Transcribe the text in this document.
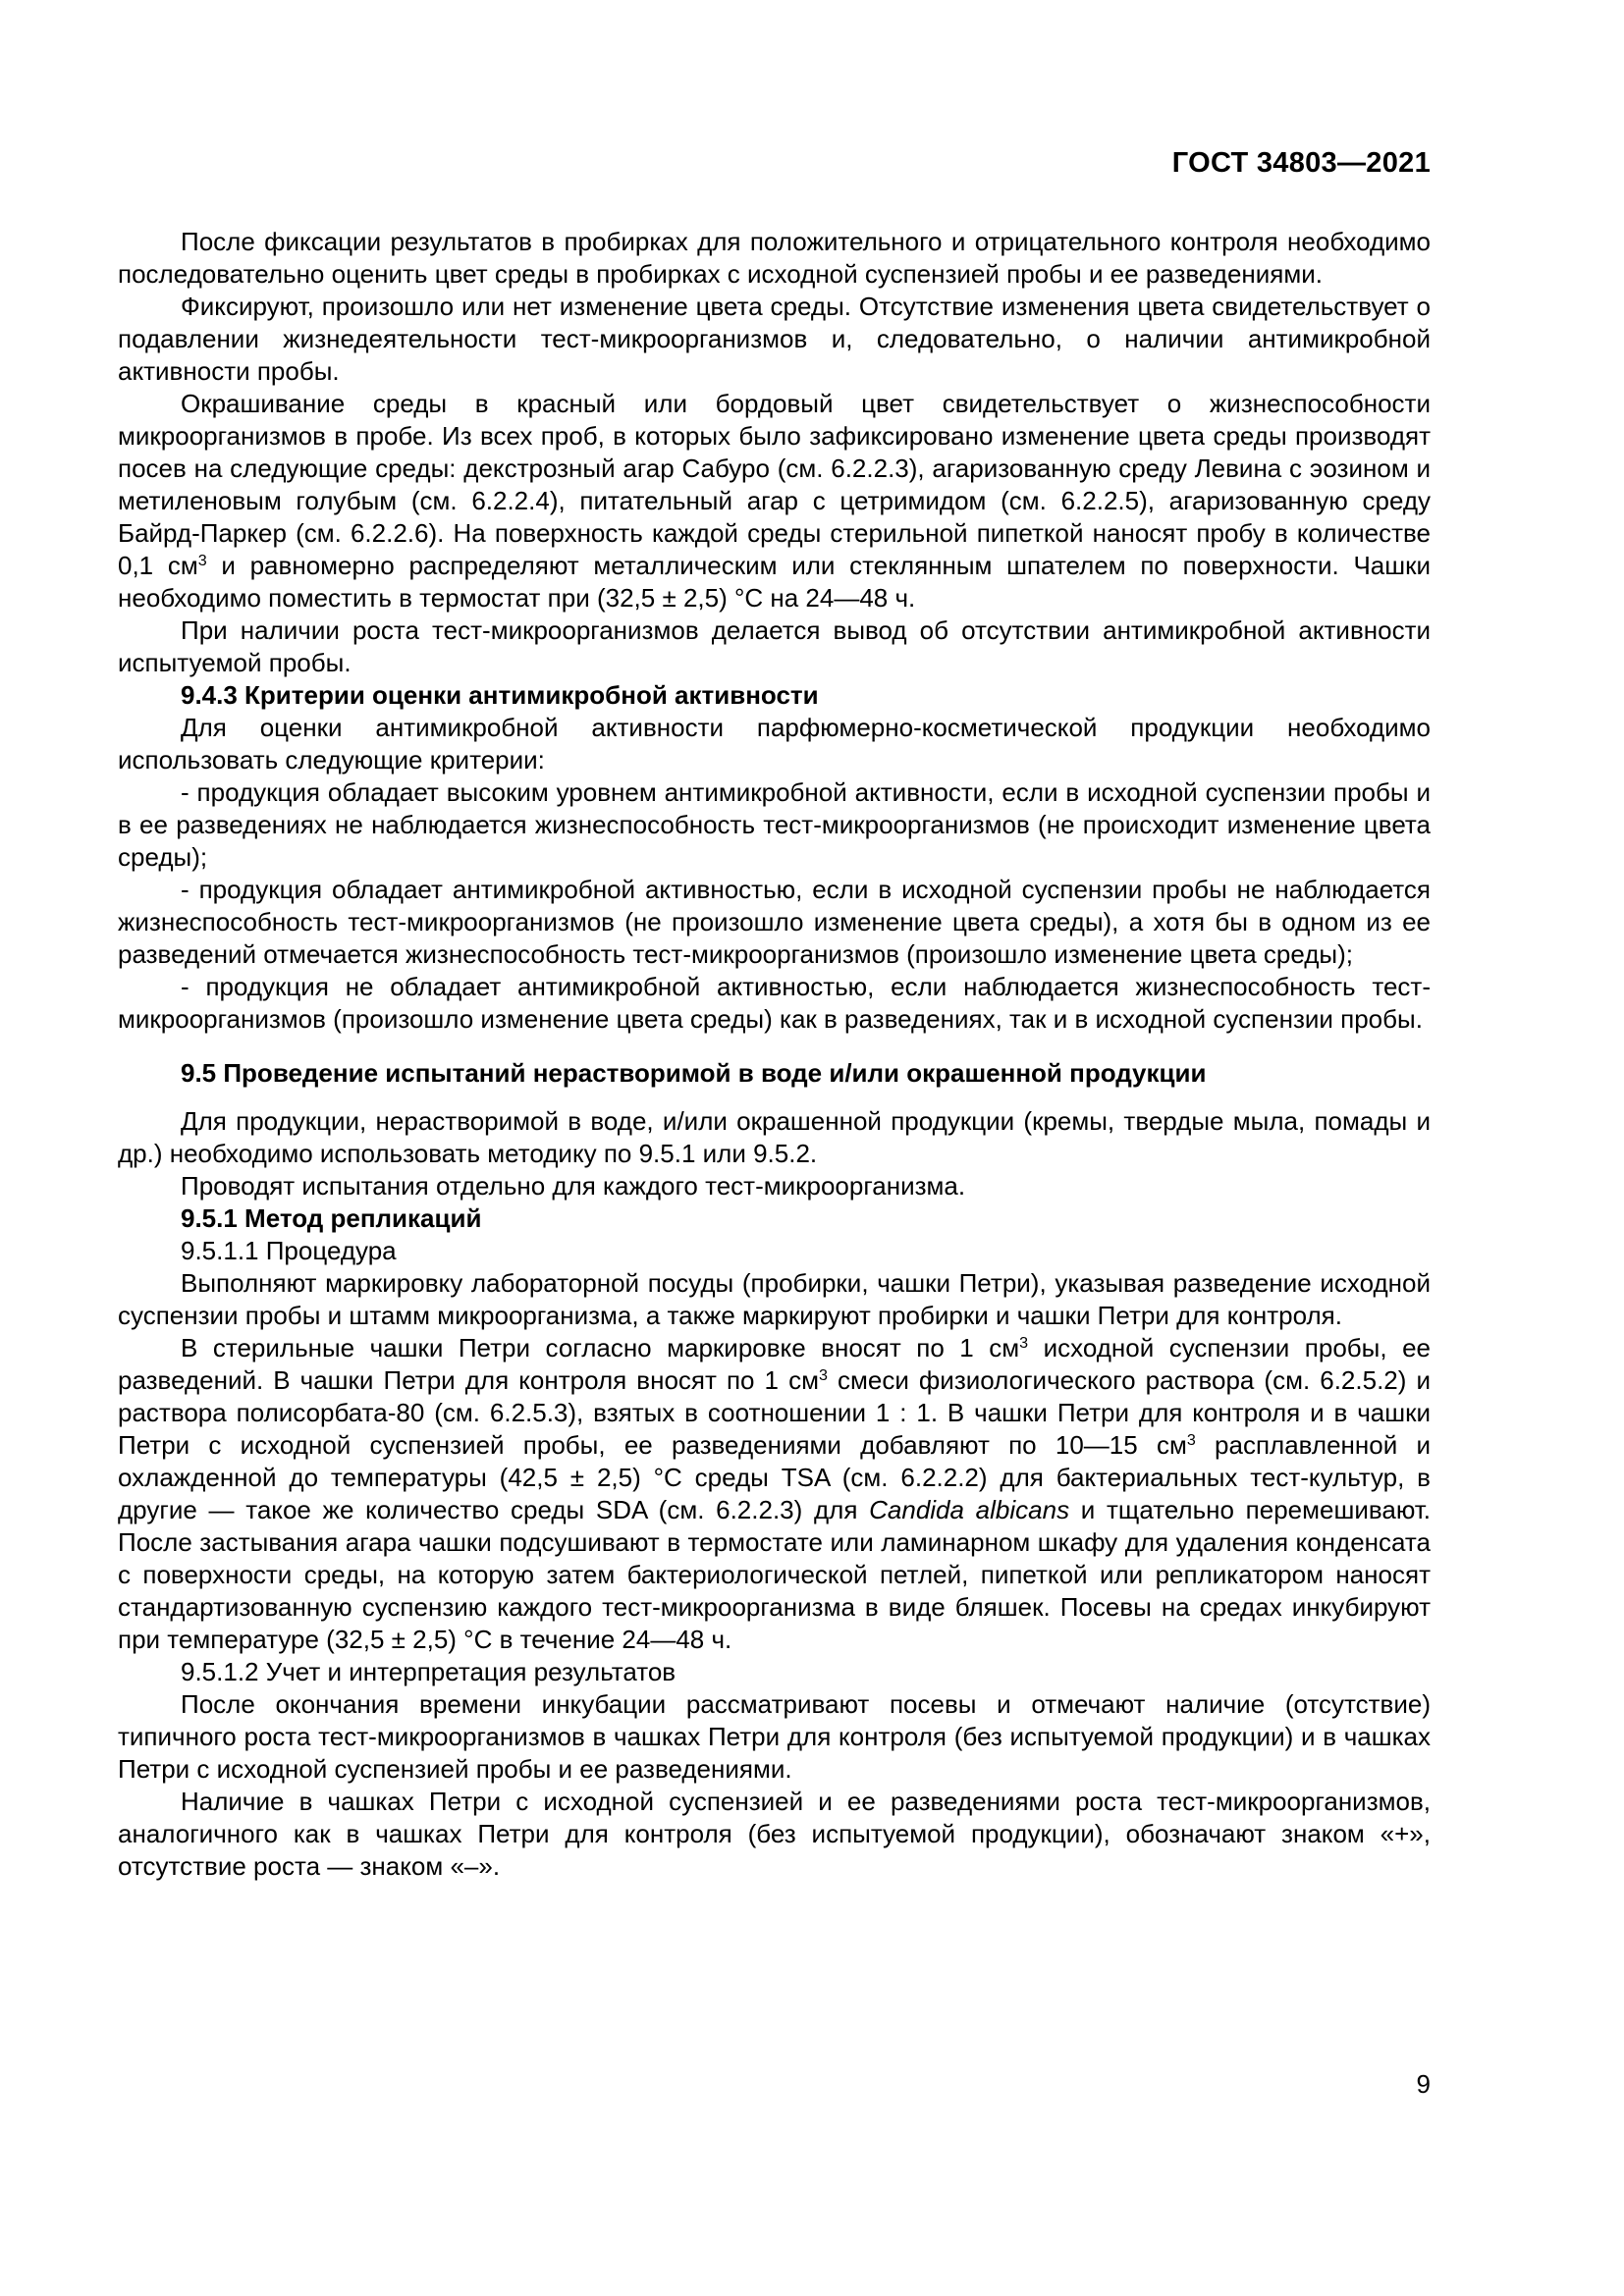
ГОСТ 34803—2021

После фиксации результатов в пробирках для положительного и отрицательного контроля необходимо последовательно оценить цвет среды в пробирках с исходной суспензией пробы и ее разведениями.

Фиксируют, произошло или нет изменение цвета среды. Отсутствие изменения цвета свидетельствует о подавлении жизнедеятельности тест-микроорганизмов и, следовательно, о наличии антимикробной активности пробы.

Окрашивание среды в красный или бордовый цвет свидетельствует о жизнеспособности микроорганизмов в пробе. Из всех проб, в которых было зафиксировано изменение цвета среды производят посев на следующие среды: декстрозный агар Сабуро (см. 6.2.2.3), агаризованную среду Левина с эозином и метиленовым голубым (см. 6.2.2.4), питательный агар с цетримидом (см. 6.2.2.5), агаризованную среду Байрд-Паркер (см. 6.2.2.6). На поверхность каждой среды стерильной пипеткой наносят пробу в количестве 0,1 $см^3$ и равномерно распределяют металлическим или стеклянным шпателем по поверхности. Чашки необходимо поместить в термостат при (32,5 ± 2,5) °С на 24—48 ч.

При наличии роста тест-микроорганизмов делается вывод об отсутствии антимикробной активности испытуемой пробы.

9.4.3 Критерии оценки антимикробной активности

Для оценки антимикробной активности парфюмерно-косметической продукции необходимо использовать следующие критерии:

- продукция обладает высоким уровнем антимикробной активности, если в исходной суспензии пробы и в ее разведениях не наблюдается жизнеспособность тест-микроорганизмов (не происходит изменение цвета среды);

- продукция обладает антимикробной активностью, если в исходной суспензии пробы не наблюдается жизнеспособность тест-микроорганизмов (не произошло изменение цвета среды), а хотя бы в одном из ее разведений отмечается жизнеспособность тест-микроорганизмов (произошло изменение цвета среды);

- продукция не обладает антимикробной активностью, если наблюдается жизнеспособность тест-микроорганизмов (произошло изменение цвета среды) как в разведениях, так и в исходной суспензии пробы.

9.5 Проведение испытаний нерастворимой в воде и/или окрашенной продукции

Для продукции, нерастворимой в воде, и/или окрашенной продукции (кремы, твердые мыла, помады и др.) необходимо использовать методику по 9.5.1 или 9.5.2.

Проводят испытания отдельно для каждого тест-микроорганизма.

9.5.1 Метод репликаций

9.5.1.1 Процедура

Выполняют маркировку лабораторной посуды (пробирки, чашки Петри), указывая разведение исходной суспензии пробы и штамм микроорганизма, а также маркируют пробирки и чашки Петри для контроля.

В стерильные чашки Петри согласно маркировке вносят по 1 $см^3$ исходной суспензии пробы, ее разведений. В чашки Петри для контроля вносят по 1 $см^3$ смеси физиологического раствора (см. 6.2.5.2) и раствора полисорбата-80 (см. 6.2.5.3), взятых в соотношении 1 : 1. В чашки Петри для контроля и в чашки Петри с исходной суспензией пробы, ее разведениями добавляют по 10—15 $см^3$ расплавленной и охлажденной до температуры (42,5 ± 2,5) °С среды TSA (см. 6.2.2.2) для бактериальных тест-культур, в другие — такое же количество среды SDA (см. 6.2.2.3) для Candida albicans и тщательно перемешивают. После застывания агара чашки подсушивают в термостате или ламинарном шкафу для удаления конденсата с поверхности среды, на которую затем бактериологической петлей, пипеткой или репликатором наносят стандартизованную суспензию каждого тест-микроорганизма в виде бляшек. Посевы на средах инкубируют при температуре (32,5 ± 2,5) °С в течение 24—48 ч.

9.5.1.2 Учет и интерпретация результатов

После окончания времени инкубации рассматривают посевы и отмечают наличие (отсутствие) типичного роста тест-микроорганизмов в чашках Петри для контроля (без испытуемой продукции) и в чашках Петри с исходной суспензией пробы и ее разведениями.

Наличие в чашках Петри с исходной суспензией и ее разведениями роста тест-микроорганизмов, аналогичного как в чашках Петри для контроля (без испытуемой продукции), обозначают знаком «+», отсутствие роста — знаком «–».

9
